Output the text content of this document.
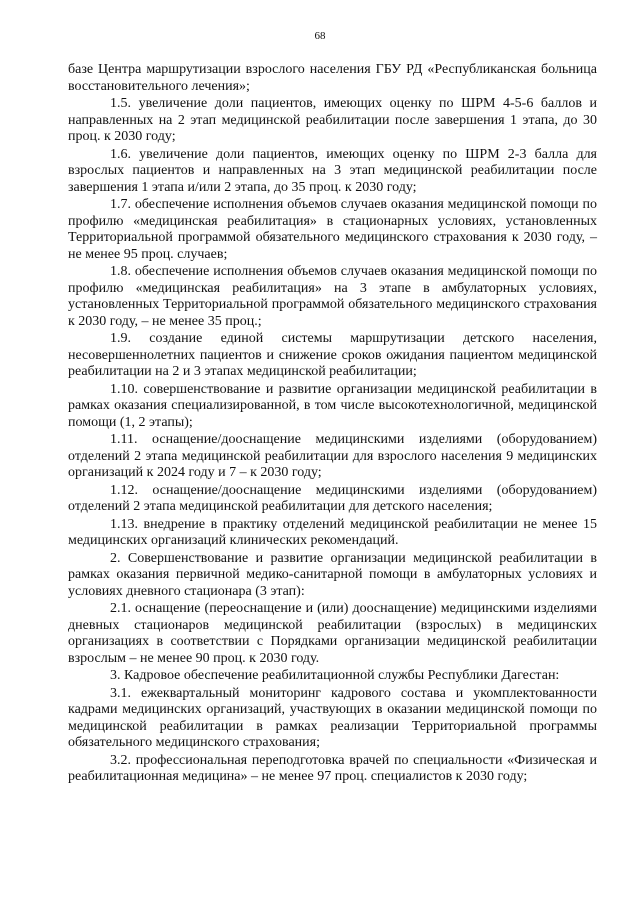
68

базе Центра маршрутизации взрослого населения ГБУ РД «Республиканская больница восстановительного лечения»;

1.5. увеличение доли пациентов, имеющих оценку по ШРМ 4-5-6 баллов и направленных на 2 этап медицинской реабилитации после завершения 1 этапа, до 30 проц. к 2030 году;

1.6. увеличение доли пациентов, имеющих оценку по ШРМ 2-3 балла для взрослых пациентов и направленных на 3 этап медицинской реабилитации после завершения 1 этапа и/или 2 этапа, до 35 проц. к 2030 году;

1.7. обеспечение исполнения объемов случаев оказания медицинской помощи по профилю «медицинская реабилитация» в стационарных условиях, установленных Территориальной программой обязательного медицинского страхования к 2030 году, – не менее 95 проц. случаев;

1.8. обеспечение исполнения объемов случаев оказания медицинской помощи по профилю «медицинская реабилитация» на 3 этапе в амбулаторных условиях, установленных Территориальной программой обязательного медицинского страхования к 2030 году, – не менее 35 проц.;

1.9. создание единой системы маршрутизации детского населения, несовершеннолетних пациентов и снижение сроков ожидания пациентом медицинской реабилитации на 2 и 3 этапах медицинской реабилитации;

1.10. совершенствование и развитие организации медицинской реабилитации в рамках оказания специализированной, в том числе высокотехнологичной, медицинской помощи (1, 2 этапы);

1.11. оснащение/дооснащение медицинскими изделиями (оборудованием) отделений 2 этапа медицинской реабилитации для взрослого населения 9 медицинских организаций к 2024 году и 7 – к 2030 году;

1.12. оснащение/дооснащение медицинскими изделиями (оборудованием) отделений 2 этапа медицинской реабилитации для детского населения;

1.13. внедрение в практику отделений медицинской реабилитации не менее 15 медицинских организаций клинических рекомендаций.

2. Совершенствование и развитие организации медицинской реабилитации в рамках оказания первичной медико-санитарной помощи в амбулаторных условиях и условиях дневного стационара (3 этап):

2.1. оснащение (переоснащение и (или) дооснащение) медицинскими изделиями дневных стационаров медицинской реабилитации (взрослых) в медицинских организациях в соответствии с Порядками организации медицинской реабилитации взрослым – не менее 90 проц. к 2030 году.

3. Кадровое обеспечение реабилитационной службы Республики Дагестан:

3.1. ежеквартальный мониторинг кадрового состава и укомплектованности кадрами медицинских организаций, участвующих в оказании медицинской помощи по медицинской реабилитации в рамках реализации Территориальной программы обязательного медицинского страхования;

3.2. профессиональная переподготовка врачей по специальности «Физическая и реабилитационная медицина» – не менее 97 проц. специалистов к 2030 году;
